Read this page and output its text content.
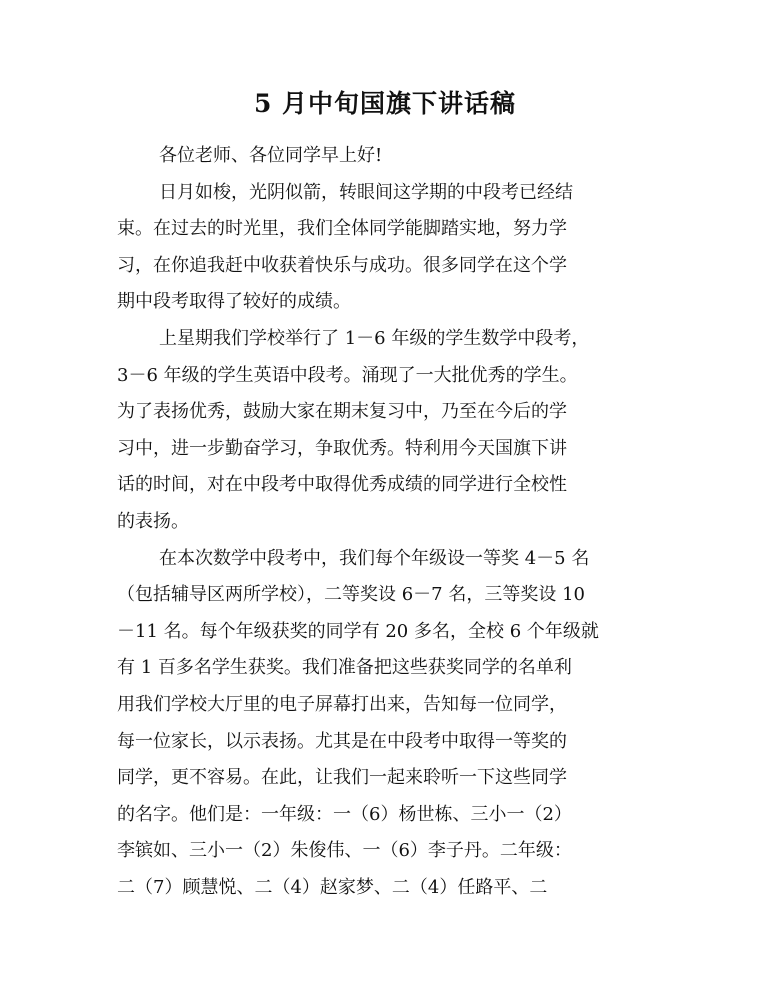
5 月中旬国旗下讲话稿
各位老师、各位同学早上好!
日月如梭，光阴似箭，转眼间这学期的中段考已经结
束。在过去的时光里，我们全体同学能脚踏实地，努力学
习，在你追我赶中收获着快乐与成功。很多同学在这个学
期中段考取得了较好的成绩。
上星期我们学校举行了 1－6 年级的学生数学中段考，
3－6 年级的学生英语中段考。涌现了一大批优秀的学生。
为了表扬优秀，鼓励大家在期末复习中，乃至在今后的学
习中，进一步勤奋学习，争取优秀。特利用今天国旗下讲
话的时间，对在中段考中取得优秀成绩的同学进行全校性
的表扬。
在本次数学中段考中，我们每个年级设一等奖 4－5 名
（包括辅导区两所学校），二等奖设 6－7 名，三等奖设 10
－11 名。每个年级获奖的同学有 20 多名，全校 6 个年级就
有 1 百多名学生获奖。我们准备把这些获奖同学的名单利
用我们学校大厅里的电子屏幕打出来，告知每一位同学，
每一位家长，以示表扬。尤其是在中段考中取得一等奖的
同学，更不容易。在此，让我们一起来聆听一下这些同学
的名字。他们是：一年级：一（6）杨世栋、三小一（2）
李镔如、三小一（2）朱俊伟、一（6）李子丹。二年级：
二（7）顾慧悦、二（4）赵家梦、二（4）任路平、二
